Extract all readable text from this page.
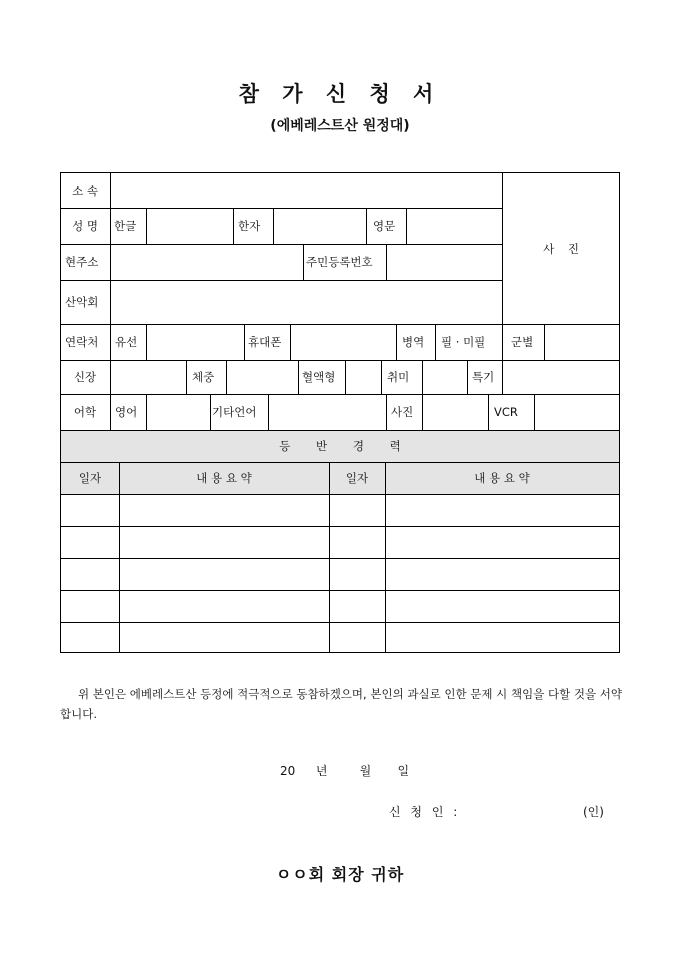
참 가 신 청 서
(에베레스트산 원정대)
소 속
성 명 한글	한자	영문
사 진
현주소	주민등록번호
산악회
연락처 유선	휴대폰	병역 필 · 미필 군별
신장	체중	혈액형	취미	특기
어학 영어	기타언어	사진	VCR
등 반 경 력
일자	내 용 요 약	일자	내 용 요 약
위 본인은 에베레스트산 등정에 적극적으로 동참하겠으며, 본인의 과실로 인한 문제 시 책임을 다할 것을 서약합니다.
20 년	월 일
신 청 인 :	(인)
ㅇㅇ회 회장 귀하
